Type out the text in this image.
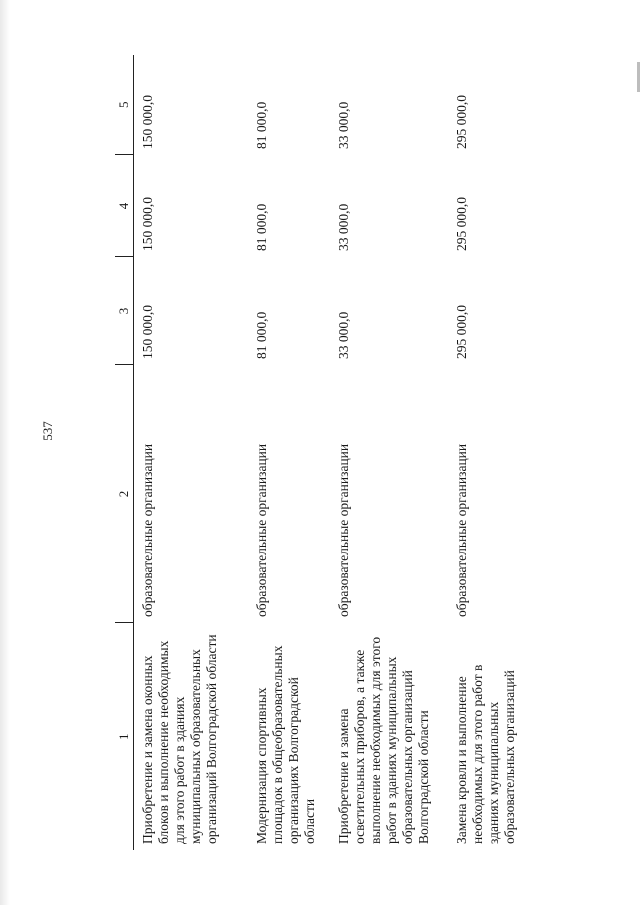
537
1	2	3	4	5
Приобретение и замена оконных блоков и выполнение необходимых для этого работ в зданиях муниципальных образовательных организаций Волгоградской области	образовательные организации	150 000,0	150 000,0	150 000,0
Модернизация спортивных площадок в общеобразовательных организациях Волгоградской области	образовательные организации	81 000,0	81 000,0	81 000,0
Приобретение и замена осветительных приборов, а также выполнение необходимых для этого работ в зданиях муниципальных образовательных организаций Волгоградской области	образовательные организации	33 000,0	33 000,0	33 000,0
Замена кровли и выполнение необходимых для этого работ в зданиях муниципальных образовательных организаций	образовательные организации	295 000,0	295 000,0	295 000,0
